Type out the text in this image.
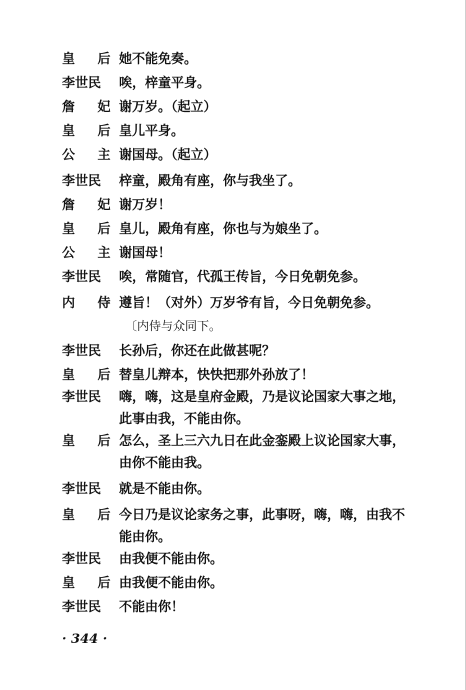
皇 后 她不能免奏。
李世民	唉，梓童平身。
詹 妃 谢万岁。（起立）
皇 后 皇儿平身。
公 主 谢国母。（起立）
李世民	梓童，殿角有座，你与我坐了。
詹 妃 谢万岁！
皇 后 皇儿，殿角有座，你也与为娘坐了。
公 主 谢国母！
李世民	唉，常随官，代孤王传旨，今日免朝免参。
内 侍 遵旨！（对外）万岁爷有旨，今日免朝免参。
〔内侍与众同下。
李世民	长孙后，你还在此做甚呢？
皇 后 替皇儿辩本，快快把那外孙放了！
李世民	嗨，嗨，这是皇府金殿，乃是议论国家大事之地，
此事由我，不能由你。
皇 后 怎么，圣上三六九日在此金銮殿上议论国家大事，
由你不能由我。
李世民	就是不能由你。
皇 后 今日乃是议论家务之事，此事呀，嗨，嗨，由我不
能由你。
李世民	由我便不能由你。
皇 后 由我便不能由你。
李世民	不能由你！
· 344 ·
